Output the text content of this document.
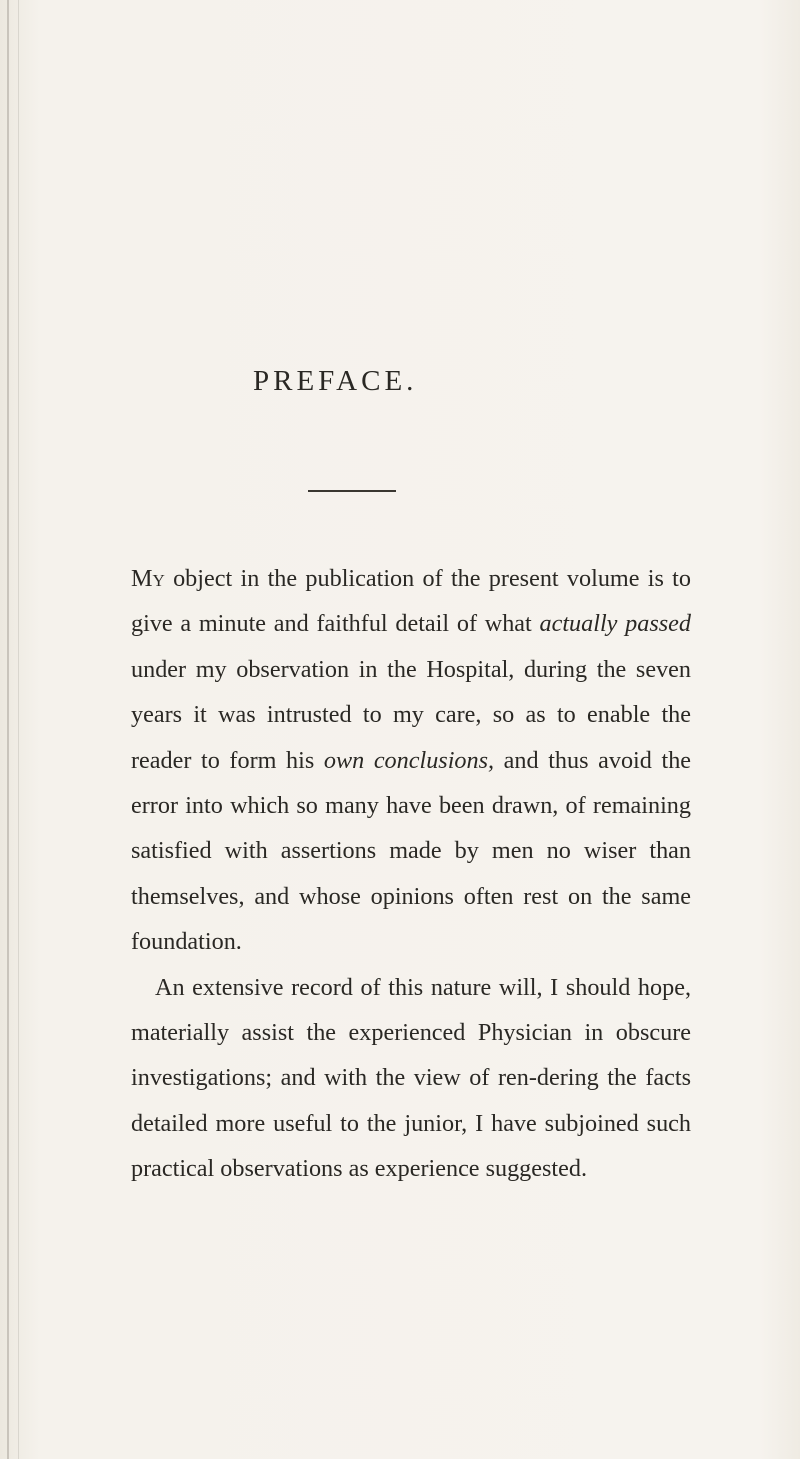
PREFACE.

My object in the publication of the present volume is to give a minute and faithful detail of what actually passed under my observation in the Hospital, during the seven years it was intrusted to my care, so as to enable the reader to form his own conclusions, and thus avoid the error into which so many have been drawn, of remaining satisfied with assertions made by men no wiser than themselves, and whose opinions often rest on the same foundation.

An extensive record of this nature will, I should hope, materially assist the experienced Physician in obscure investigations; and with the view of ren-dering the facts detailed more useful to the junior, I have subjoined such practical observations as experience suggested.
